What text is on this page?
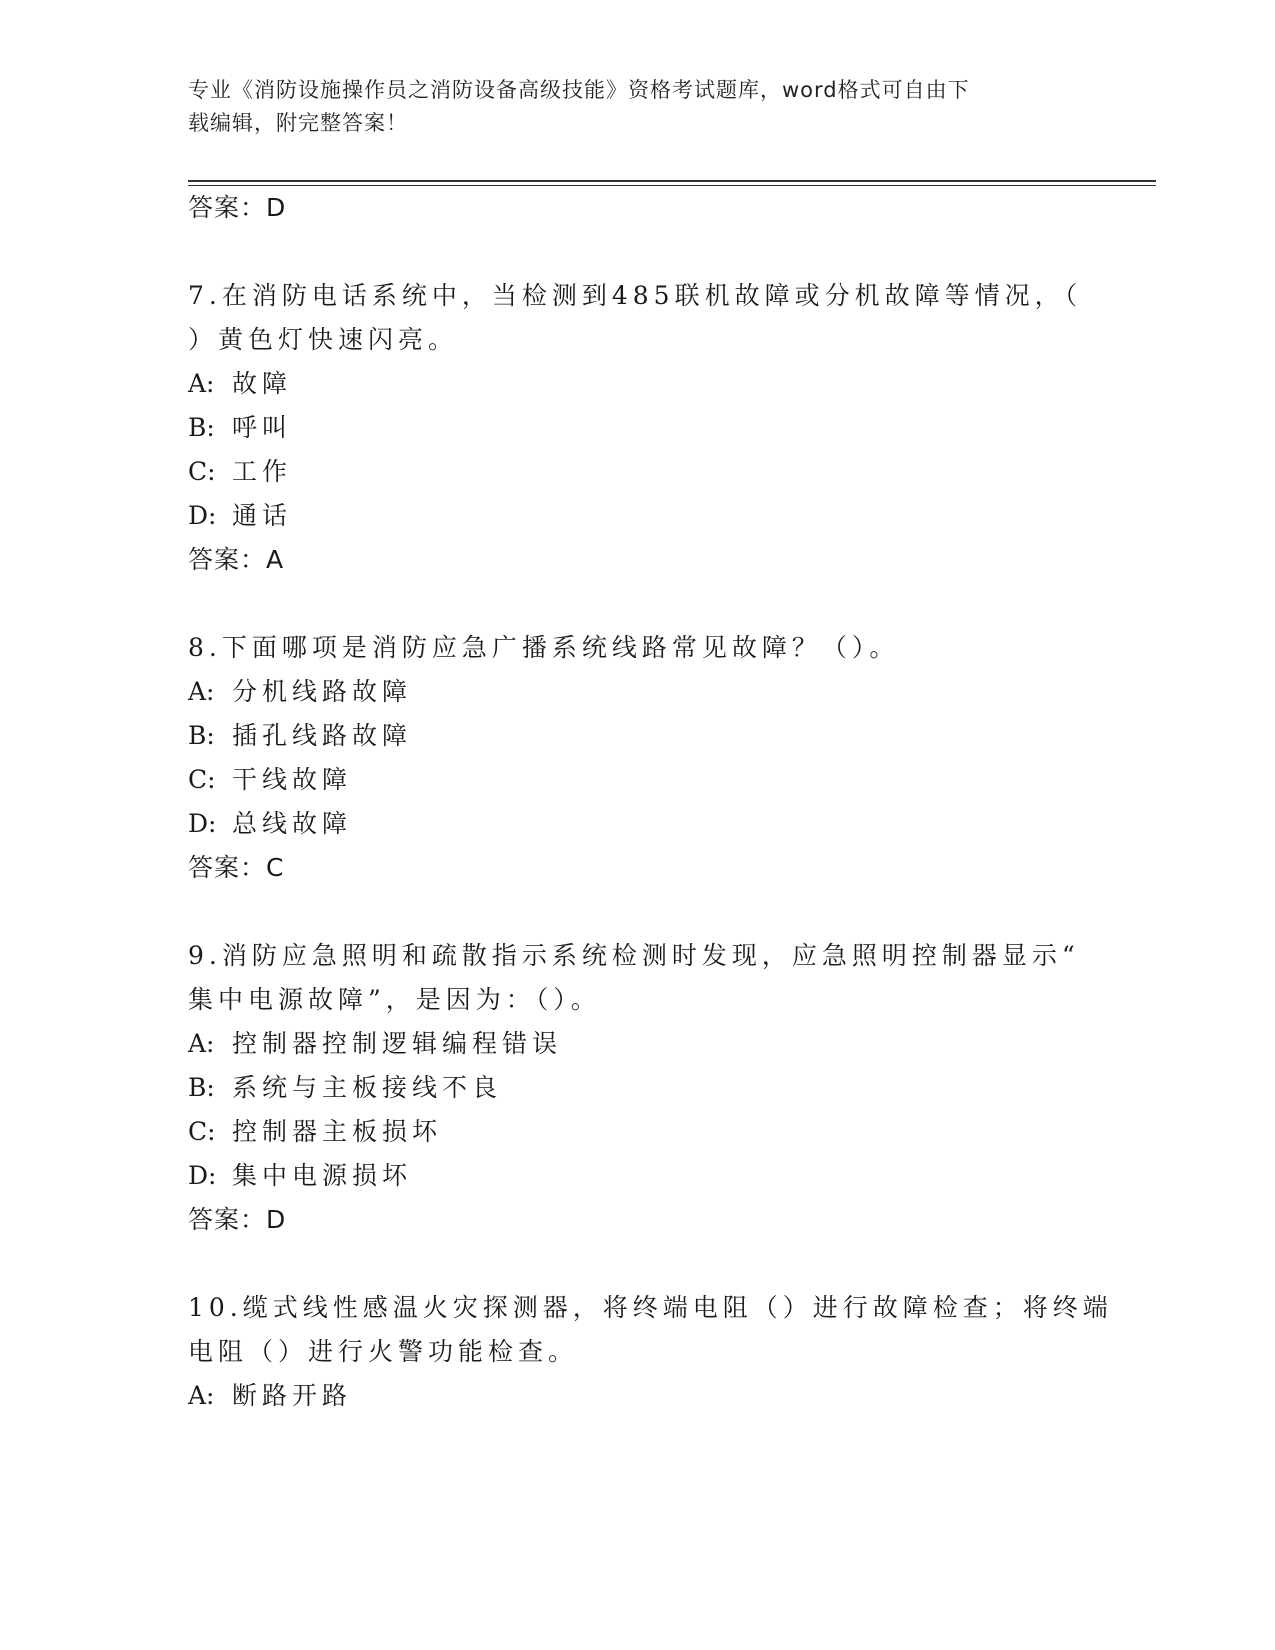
专业《消防设施操作员之消防设备高级技能》资格考试题库，word格式可自由下
载编辑，附完整答案！
答案：D
7.在消防电话系统中，当检测到485联机故障或分机故障等情况，（
）黄色灯快速闪亮。
A: 故障
B: 呼叫
C: 工作
D: 通话
答案：A
8.下面哪项是消防应急广播系统线路常见故障？（）。
A: 分机线路故障
B: 插孔线路故障
C: 干线故障
D: 总线故障
答案：C
9.消防应急照明和疏散指示系统检测时发现，应急照明控制器显示“
集中电源故障”，是因为：（）。
A: 控制器控制逻辑编程错误
B: 系统与主板接线不良
C: 控制器主板损坏
D: 集中电源损坏
答案：D
10.缆式线性感温火灾探测器，将终端电阻（）进行故障检查；将终端
电阻（）进行火警功能检查。
A: 断路开路
